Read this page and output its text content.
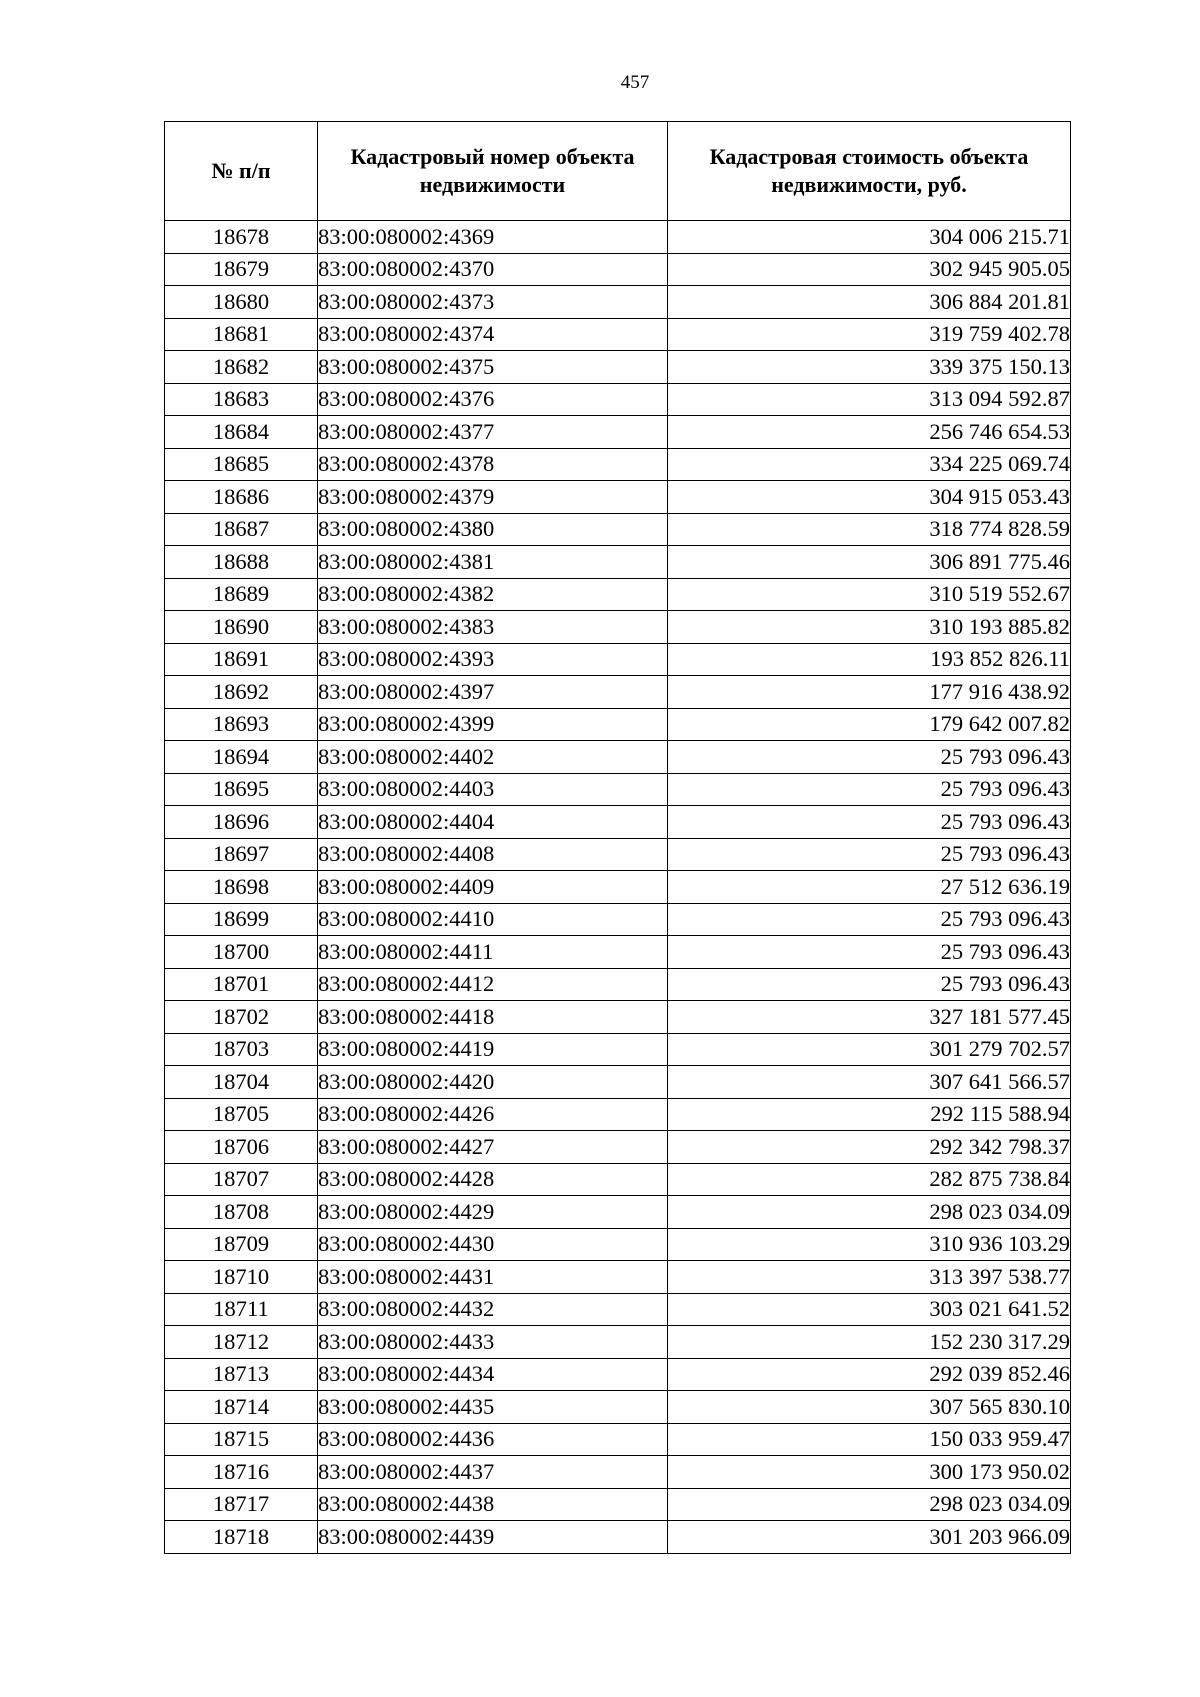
457
№ п/п	Кадастровый номер объекта недвижимости	Кадастровая стоимость объекта недвижимости, руб.
18678	83:00:080002:4369	304 006 215.71
18679	83:00:080002:4370	302 945 905.05
18680	83:00:080002:4373	306 884 201.81
18681	83:00:080002:4374	319 759 402.78
18682	83:00:080002:4375	339 375 150.13
18683	83:00:080002:4376	313 094 592.87
18684	83:00:080002:4377	256 746 654.53
18685	83:00:080002:4378	334 225 069.74
18686	83:00:080002:4379	304 915 053.43
18687	83:00:080002:4380	318 774 828.59
18688	83:00:080002:4381	306 891 775.46
18689	83:00:080002:4382	310 519 552.67
18690	83:00:080002:4383	310 193 885.82
18691	83:00:080002:4393	193 852 826.11
18692	83:00:080002:4397	177 916 438.92
18693	83:00:080002:4399	179 642 007.82
18694	83:00:080002:4402	25 793 096.43
18695	83:00:080002:4403	25 793 096.43
18696	83:00:080002:4404	25 793 096.43
18697	83:00:080002:4408	25 793 096.43
18698	83:00:080002:4409	27 512 636.19
18699	83:00:080002:4410	25 793 096.43
18700	83:00:080002:4411	25 793 096.43
18701	83:00:080002:4412	25 793 096.43
18702	83:00:080002:4418	327 181 577.45
18703	83:00:080002:4419	301 279 702.57
18704	83:00:080002:4420	307 641 566.57
18705	83:00:080002:4426	292 115 588.94
18706	83:00:080002:4427	292 342 798.37
18707	83:00:080002:4428	282 875 738.84
18708	83:00:080002:4429	298 023 034.09
18709	83:00:080002:4430	310 936 103.29
18710	83:00:080002:4431	313 397 538.77
18711	83:00:080002:4432	303 021 641.52
18712	83:00:080002:4433	152 230 317.29
18713	83:00:080002:4434	292 039 852.46
18714	83:00:080002:4435	307 565 830.10
18715	83:00:080002:4436	150 033 959.47
18716	83:00:080002:4437	300 173 950.02
18717	83:00:080002:4438	298 023 034.09
18718	83:00:080002:4439	301 203 966.09
